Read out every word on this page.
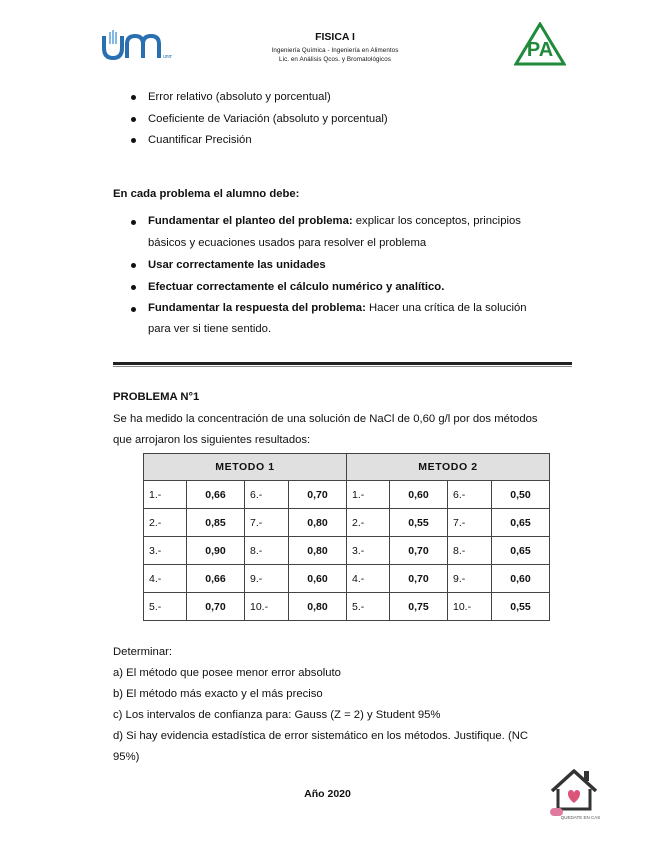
unm
FISICA I
Ingeniería Química - Ingeniería en Alimentos
Lic. en Análisis Qcos. y Bromatológicos	PA
Error relativo (absoluto y porcentual)
Coeficiente de Variación (absoluto y porcentual)
Cuantificar Precisión
En cada problema el alumno debe:
Fundamentar el planteo del problema: explicar los conceptos, principios
básicos y ecuaciones usados para resolver el problema
Usar correctamente las unidades
Efectuar correctamente el cálculo numérico y analítico.
Fundamentar la respuesta del problema: Hacer una crítica de la solución
para ver si tiene sentido.
PROBLEMA N°1
Se ha medido la concentración de una solución de NaCl de 0,60 g/l por dos métodos
que arrojaron los siguientes resultados:
METODO 1				METODO 2			
1.-	0,66	6.-	0,70	1.-	0,60	6.-	0,50
2.-	0,85	7.-	0,80	2.-	0,55	7.-	0,65
3.-	0,90	8.-	0,80	3.-	0,70	8.-	0,65
4.-	0,66	9.-	0,60	4.-	0,70	9.-	0,60
5.-	0,70	10.-	0,80	5.-	0,75	10.-	0,55
Determinar:
a) El método que posee menor error absoluto
b) El método más exacto y el más preciso
c) Los intervalos de confianza para: Gauss (Z = 2) y Student 95%
d) Si hay evidencia estadística de error sistemático en los métodos. Justifique. (NC
95%)
Año 2020
QUEDATE EN CASA
